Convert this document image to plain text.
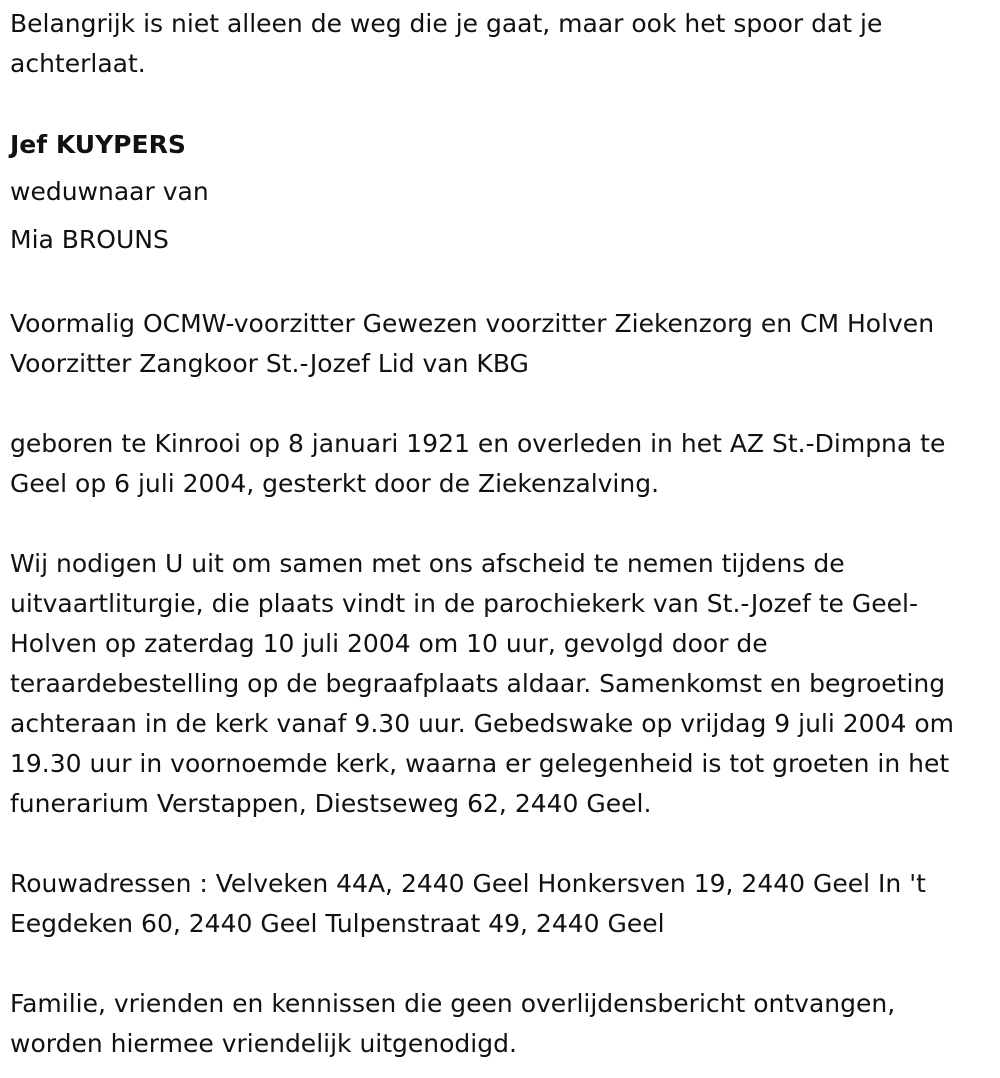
Belangrijk is niet alleen de weg die je gaat, maar ook het spoor dat je achterlaat.

Jef KUYPERS

weduwnaar van

Mia BROUNS

Voormalig OCMW-voorzitter Gewezen voorzitter Ziekenzorg en CM Holven Voorzitter Zangkoor St.-Jozef Lid van KBG

geboren te Kinrooi op 8 januari 1921 en overleden in het AZ St.-Dimpna te Geel op 6 juli 2004, gesterkt door de Ziekenzalving.

Wij nodigen U uit om samen met ons afscheid te nemen tijdens de uitvaartliturgie, die plaats vindt in de parochiekerk van St.-Jozef te Geel-Holven op zaterdag 10 juli 2004 om 10 uur, gevolgd door de teraardebestelling op de begraafplaats aldaar. Samenkomst en begroeting achteraan in de kerk vanaf 9.30 uur. Gebedswake op vrijdag 9 juli 2004 om 19.30 uur in voornoemde kerk, waarna er gelegenheid is tot groeten in het funerarium Verstappen, Diestseweg 62, 2440 Geel.

Rouwadressen : Velveken 44A, 2440 Geel Honkersven 19, 2440 Geel In 't Eegdeken 60, 2440 Geel Tulpenstraat 49, 2440 Geel

Familie, vrienden en kennissen die geen overlijdensbericht ontvangen, worden hiermee vriendelijk uitgenodigd.
